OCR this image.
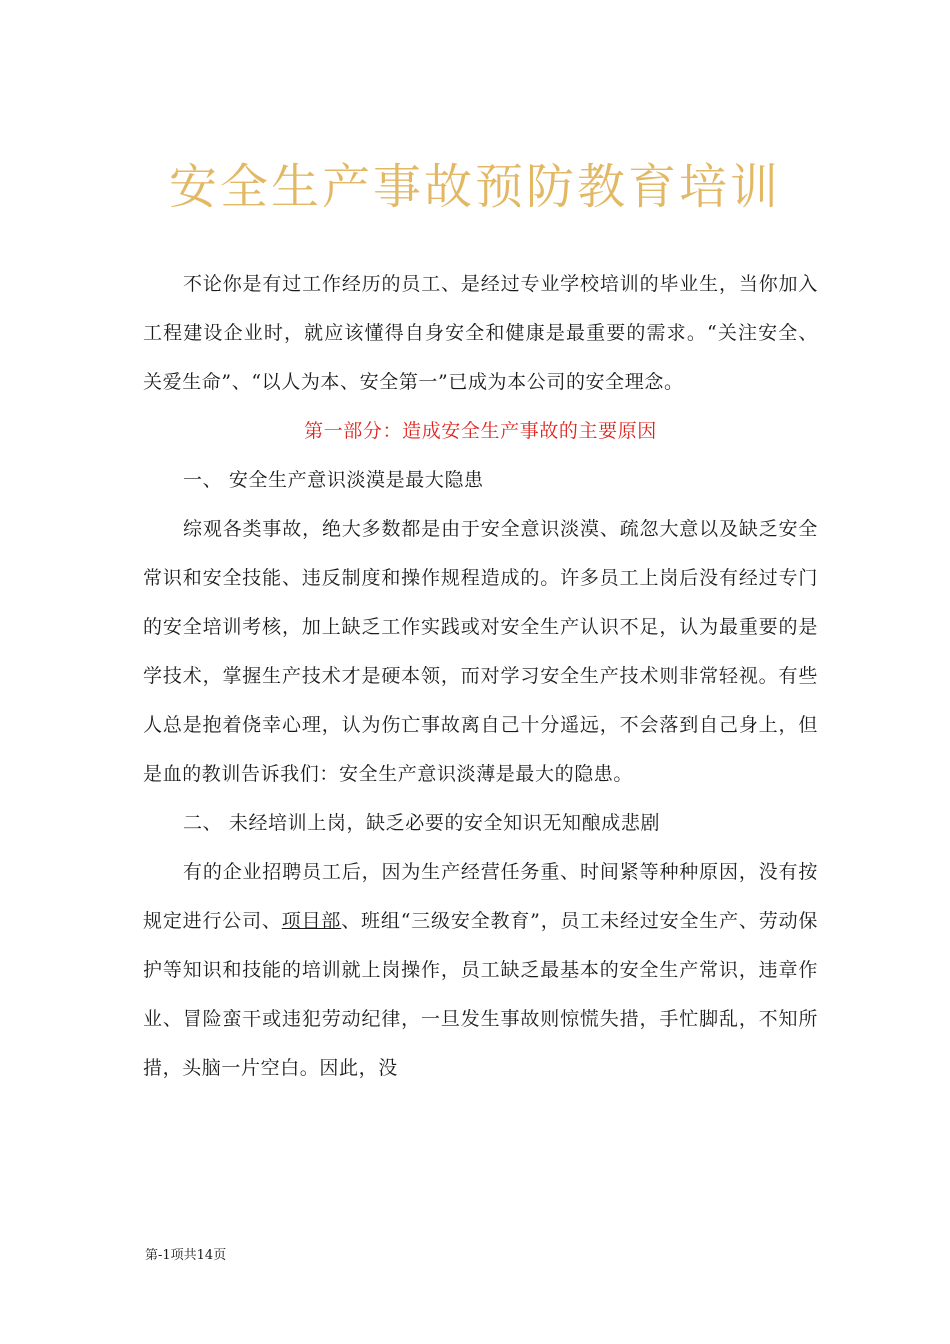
安全生产事故预防教育培训

不论你是有过工作经历的员工、是经过专业学校培训的毕业生，当你加入工程建设企业时，就应该懂得自身安全和健康是最重要的需求。“关注安全、关爱生命”、“以人为本、安全第一”已成为本公司的安全理念。

第一部分：造成安全生产事故的主要原因

一、 安全生产意识淡漠是最大隐患

综观各类事故，绝大多数都是由于安全意识淡漠、疏忽大意以及缺乏安全常识和安全技能、违反制度和操作规程造成的。许多员工上岗后没有经过专门的安全培训考核，加上缺乏工作实践或对安全生产认识不足，认为最重要的是学技术，掌握生产技术才是硬本领，而对学习安全生产技术则非常轻视。有些人总是抱着侥幸心理，认为伤亡事故离自己十分遥远，不会落到自己身上，但是血的教训告诉我们：安全生产意识淡薄是最大的隐患。

二、 未经培训上岗，缺乏必要的安全知识无知酿成悲剧

有的企业招聘员工后，因为生产经营任务重、时间紧等种种原因，没有按规定进行公司、项目部、班组“三级安全教育”，员工未经过安全生产、劳动保护等知识和技能的培训就上岗操作，员工缺乏最基本的安全生产常识，违章作业、冒险蛮干或违犯劳动纪律，一旦发生事故则惊慌失措，手忙脚乱，不知所措，头脑一片空白。因此，没

第-1项共14页
